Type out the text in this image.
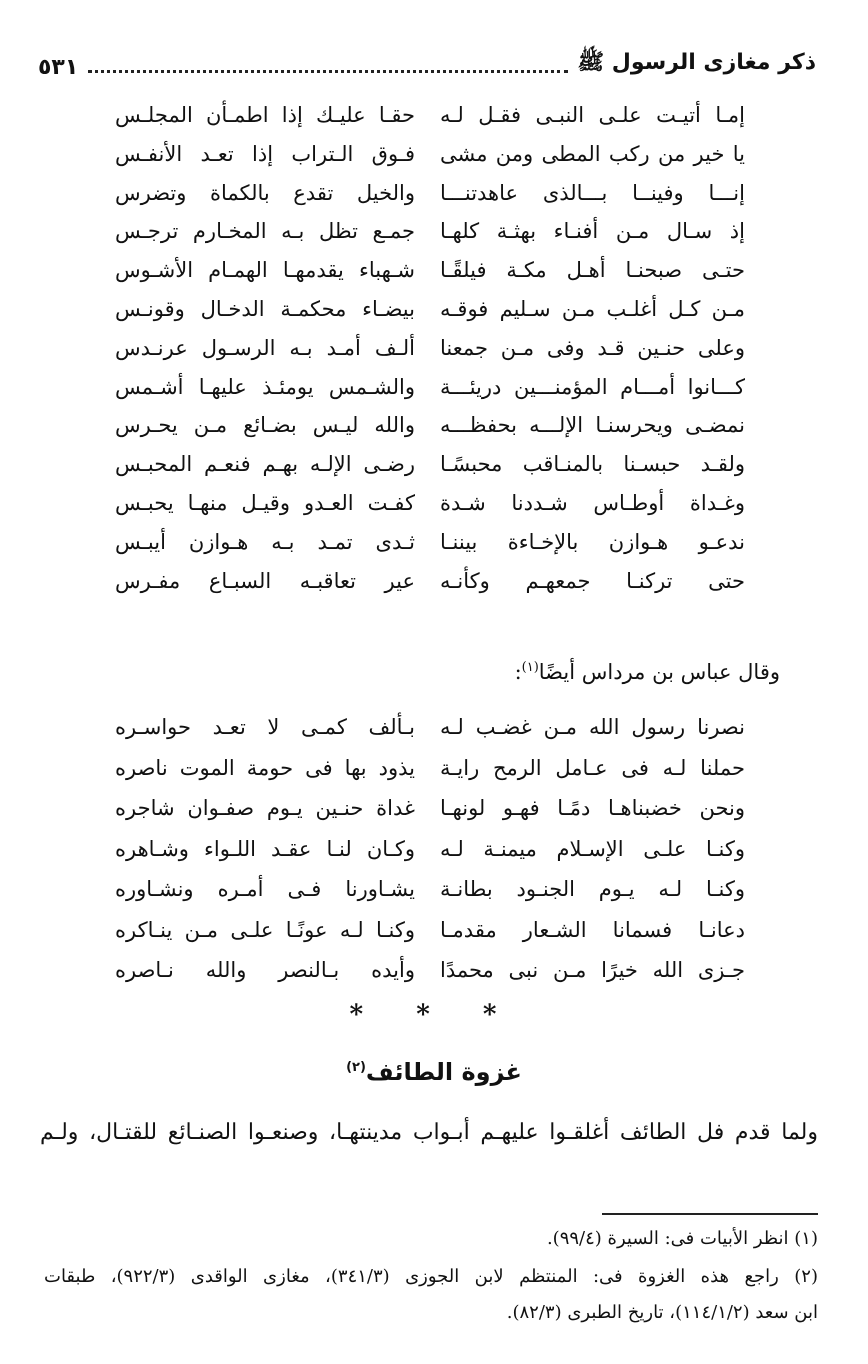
ذكر مغازى الرسول ﷺ
٥٣١
إمـا أتيـت علـى النبـى فقـل لـه
حقـا عليـك إذا اطمـأن المجلـس
يا خير من ركب المطى ومن مشى
فـوق الـتراب إذا تعـد الأنفـس
إنـــا وفينــا بـــالذى عاهدتنـــا
والخيل تقدع بالكماة وتضرس
إذ سـال مـن أفنـاء بهثـة كلهـا
جمـع تظل بـه المخـارم ترجـس
حتـى صبحنـا أهـل مكـة فيلقًـا
شـهباء يقدمهـا الهمـام الأشـوس
مـن كـل أغلـب مـن سـليم فوقـه
بيضـاء محكمـة الدخـال وقونـس
وعلى حنـين قـد وفى مـن جمعنا
ألـف أمـد بـه الرسـول عرنـدس
كـــانوا أمـــام المؤمنـــين دريئـــة
والشـمس يومئـذ عليهـا أشـمس
نمضـى ويحرسنـا الإلـــه بحفظـــه
والله ليـس بضـائع مـن يحـرس
ولقـد حبسـنا بالمنـاقب محبسًـا
رضـى الإلـه بهـم فنعـم المحبـس
وغـداة أوطـاس شـددنا شـدة
كفـت العـدو وقيـل منهـا يحبـس
ندعـو هـوازن بالإخـاءة بيننـا
ثـدى تمـد بـه هـوازن أيبـس
حتى تركنـا جمعهـم وكأنـه
عير تعاقبـه السبـاع مفـرس
وقال عباس بن مرداس أيضًا$^{(١)}$:
نصرنا رسول الله مـن غضـب لـه
بـألف كمـى لا تعـد حواسـره
حملنا لـه فى عـامل الرمح رايـة
يذود بها فى حومة الموت ناصره
ونحن خضبناهـا دمًـا فهـو لونهـا
غداة حنـين يـوم صفـوان شاجره
وكنـا علـى الإسـلام ميمنـة لـه
وكـان لنـا عقـد اللـواء وشـاهره
وكنـا لـه يـوم الجنـود بطانـة
يشـاورنا فـى أمـره ونشـاوره
دعانـا فسمانا الشـعار مقدمـا
وكنـا لـه عونًـا علـى مـن ينـاكره
جـزى الله خيرًا مـن نبى محمدًا
وأيده بـالنصر والله نـاصره
* * *
غزوة الطائف$^{(٢)}$
ولما قدم فل الطائف أغلقـوا عليهـم أبـواب مدينتهـا، وصنعـوا الصنـائع للقتـال، ولـم
(١) انظر الأبيات فى: السيرة (٩٩/٤).
(٢) راجع هذه الغزوة فى: المنتظم لابن الجوزى (٣٤١/٣)، مغازى الواقدى (٩٢٢/٣)، طبقات
ابن سعد (١١٤/١/٢)، تاريخ الطبرى (٨٢/٣).
